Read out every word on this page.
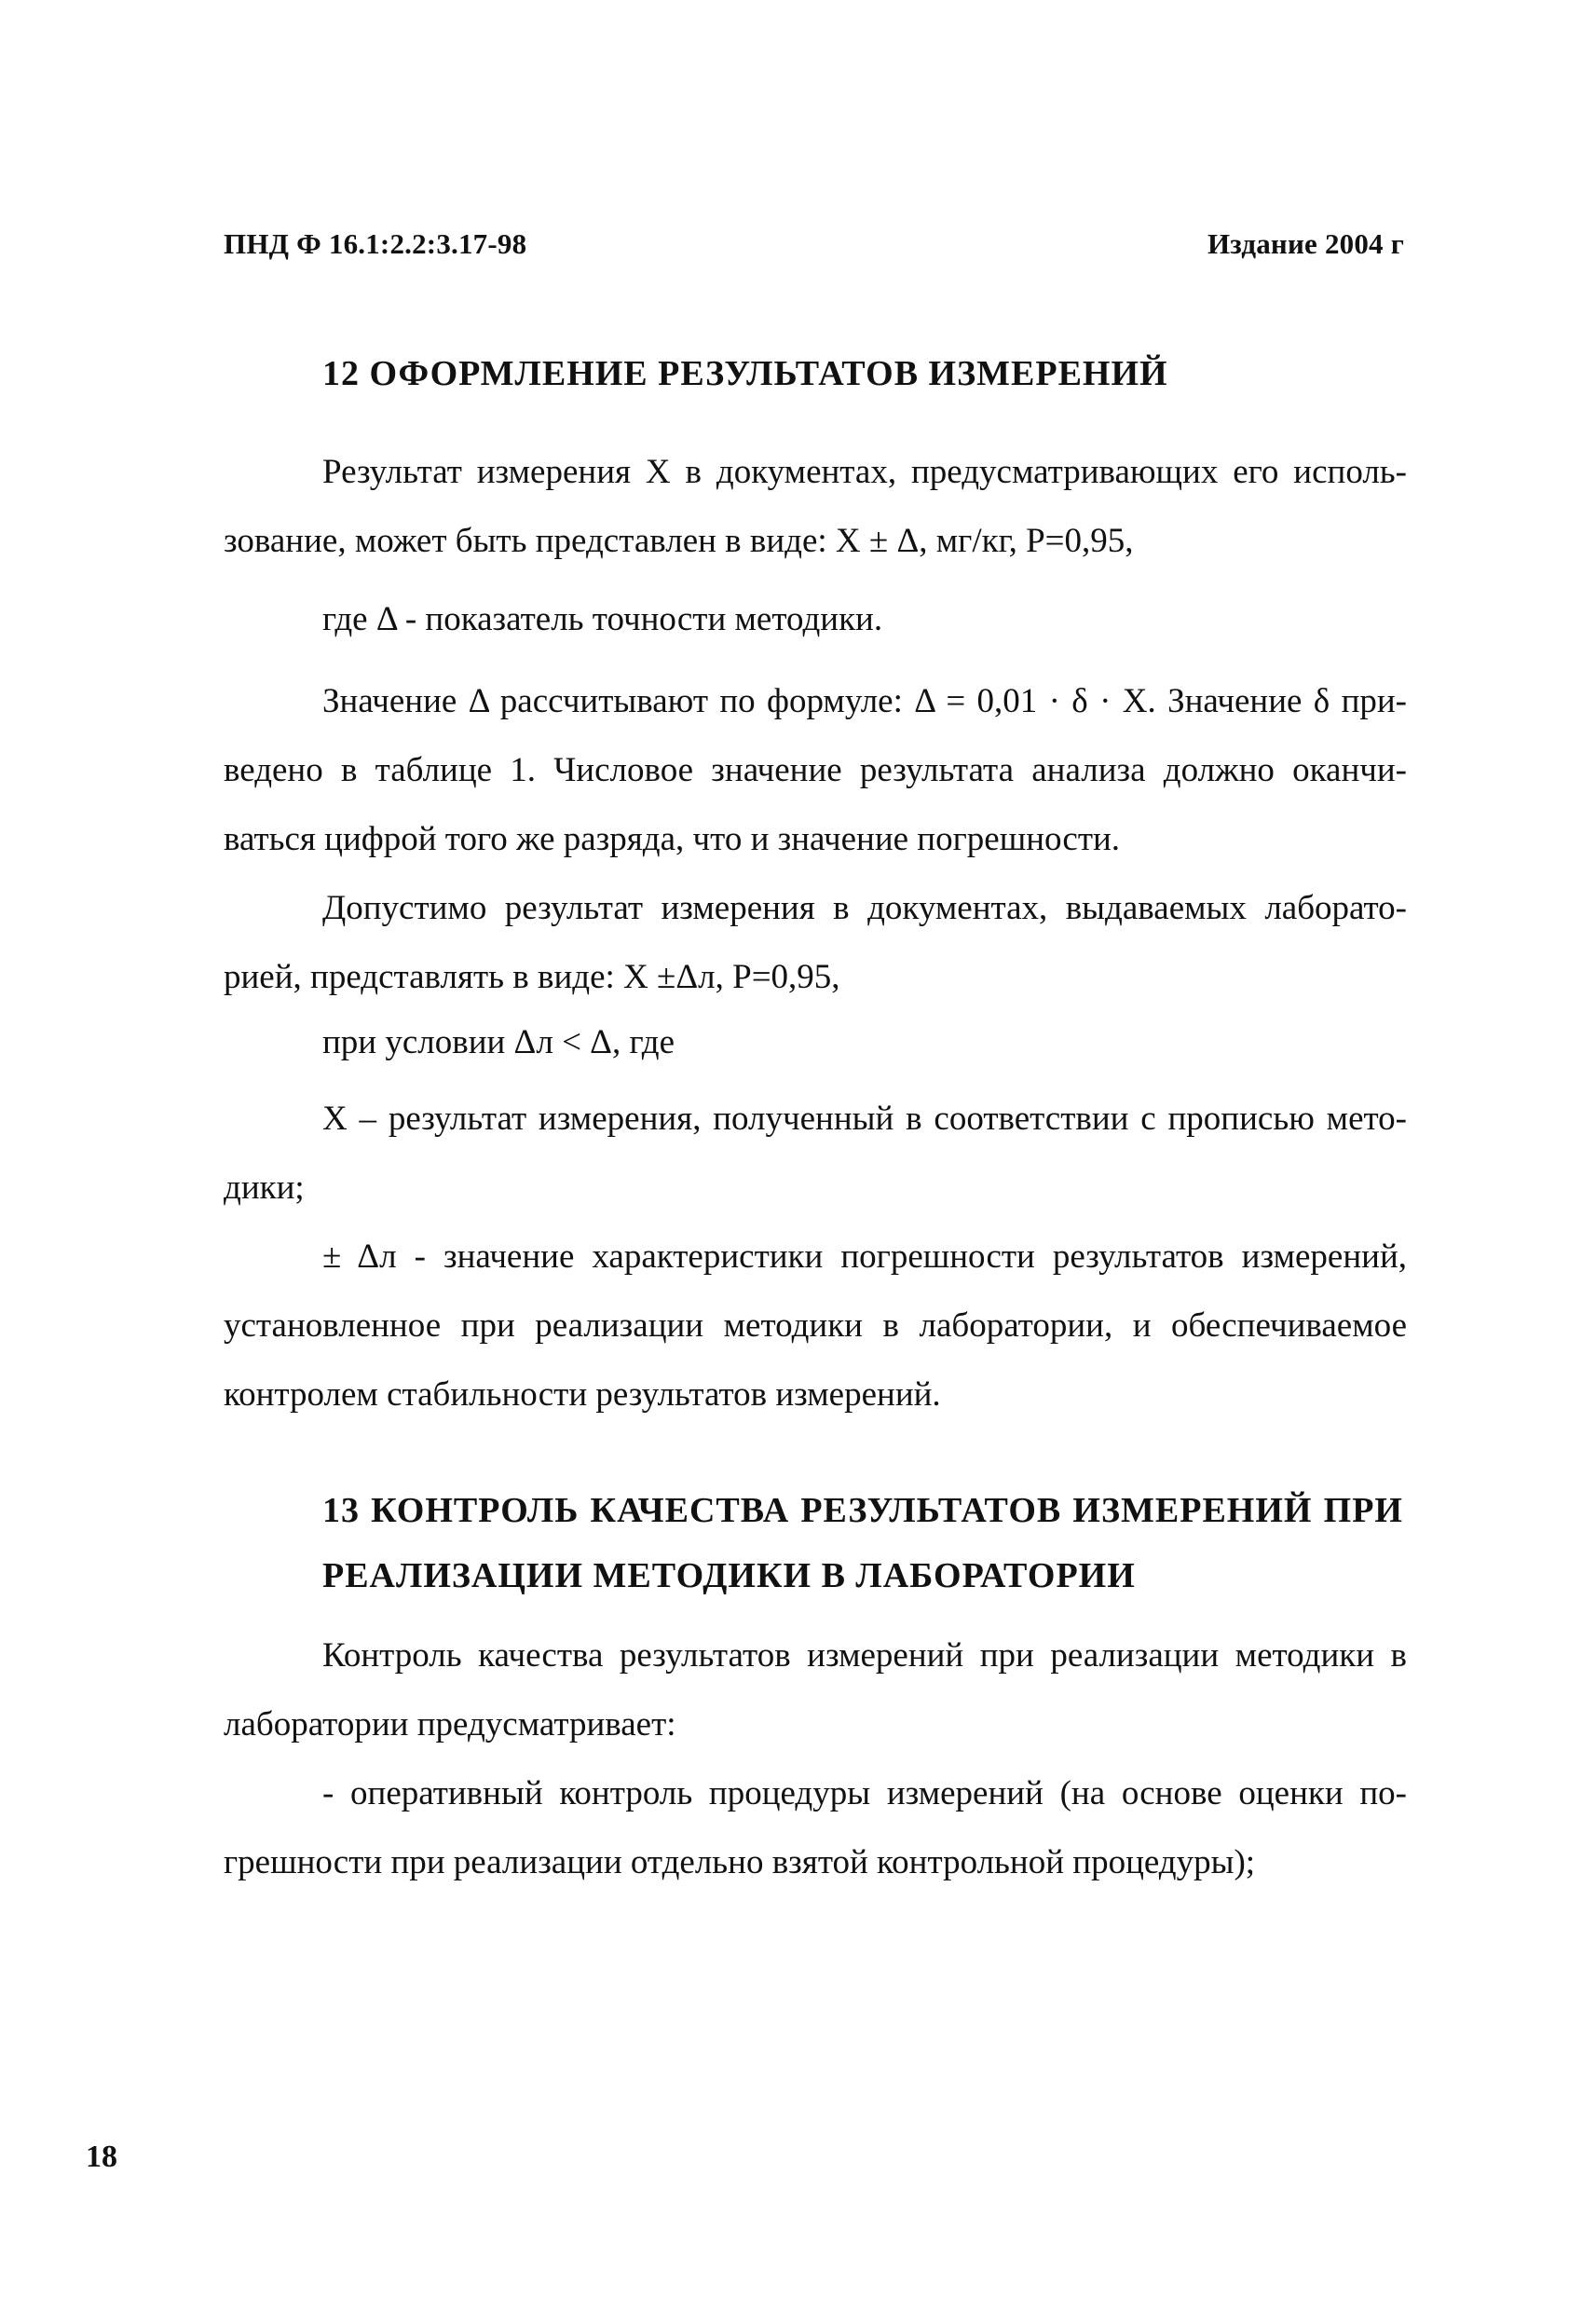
ПНД Ф 16.1:2.2:3.17-98	Издание 2004 г
12 ОФОРМЛЕНИЕ РЕЗУЛЬТАТОВ ИЗМЕРЕНИЙ
Результат измерения X в документах, предусматривающих его исполь-
зование, может быть представлен в виде: X ± Δ, мг/кг, Р=0,95,
где Δ - показатель точности методики.
Значение Δ рассчитывают по формуле: Δ = 0,01 · δ · X. Значение δ при-
ведено в таблице 1. Числовое значение результата анализа должно оканчи-
ваться цифрой того же разряда, что и значение погрешности.
Допустимо результат измерения в документах, выдаваемых лаборато-
рией, представлять в виде: X ±Δл, Р=0,95,
при условии Δл < Δ, где
X – результат измерения, полученный в соответствии с прописью мето-
дики;
± Δл - значение характеристики погрешности результатов измерений,
установленное при реализации методики в лаборатории, и обеспечиваемое
контролем стабильности результатов измерений.
13 КОНТРОЛЬ КАЧЕСТВА РЕЗУЛЬТАТОВ ИЗМЕРЕНИЙ ПРИ
РЕАЛИЗАЦИИ МЕТОДИКИ В ЛАБОРАТОРИИ
Контроль качества результатов измерений при реализации методики в
лаборатории предусматривает:
- оперативный контроль процедуры измерений (на основе оценки по-
грешности при реализации отдельно взятой контрольной процедуры);
18
